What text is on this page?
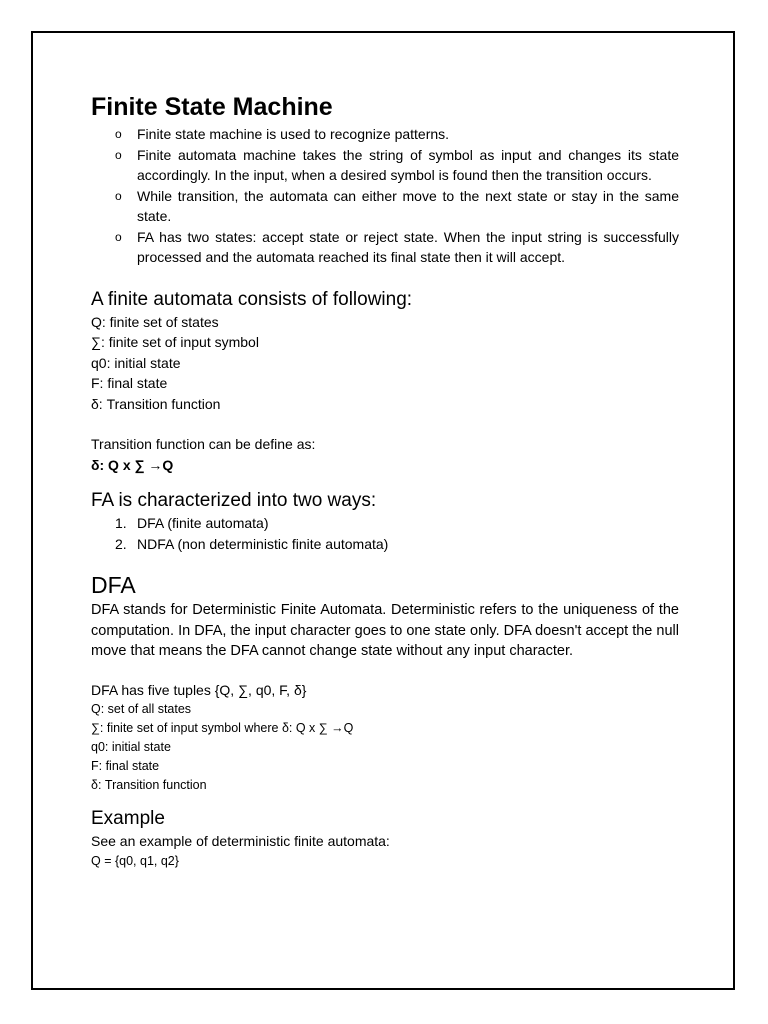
Finite State Machine
o Finite state machine is used to recognize patterns.
o Finite automata machine takes the string of symbol as input and changes its state accordingly. In the input, when a desired symbol is found then the transition occurs.
o While transition, the automata can either move to the next state or stay in the same state.
o FA has two states: accept state or reject state. When the input string is successfully processed and the automata reached its final state then it will accept.
A finite automata consists of following:

Q: finite set of states

∑: finite set of input symbol

q0: initial state

F: final state

δ: Transition function

Transition function can be define as:

δ: Q x ∑ →Q

FA is characterized into two ways:
1. DFA (finite automata)
2. NDFA (non deterministic finite automata)
DFA

DFA stands for Deterministic Finite Automata. Deterministic refers to the uniqueness of the computation. In DFA, the input character goes to one state only. DFA doesn't accept the null move that means the DFA cannot change state without any input character.

DFA has five tuples {Q, ∑, q0, F, δ}

Q: set of all states

∑: finite set of input symbol where δ: Q x ∑ →Q

q0: initial state

F: final state

δ: Transition function

Example

See an example of deterministic finite automata:

Q = {q0, q1, q2}
